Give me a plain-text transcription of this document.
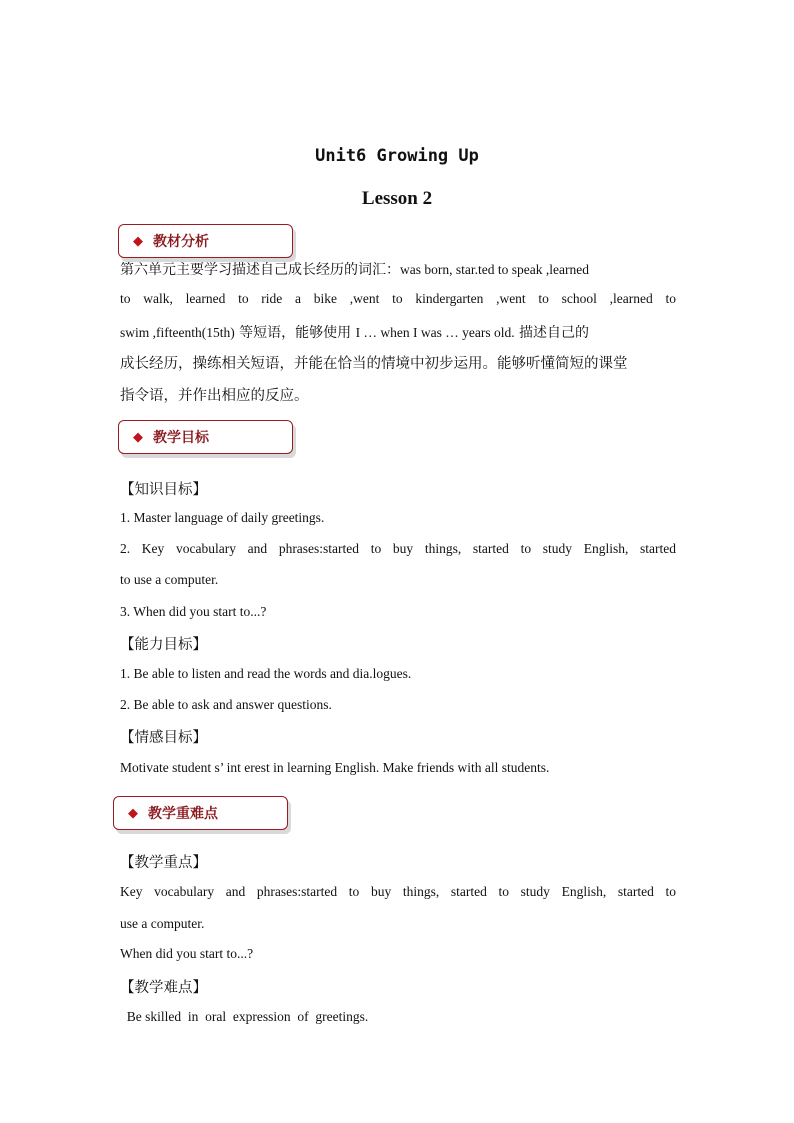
Unit6 Growing Up
Lesson 2
◆ 教材分析

第六单元主要学习描述自己成长经历的词汇：was born, star.ted to speak ,learned

to walk, learned to ride a bike ,went to kindergarten ,went to school ,learned to

swim ,fifteenth(15th) 等短语，能够使用 I … when I was … years old. 描述自己的

成长经历，操练相关短语，并能在恰当的情境中初步运用。能够听懂简短的课堂

指令语，并作出相应的反应。

◆ 教学目标

【知识目标】

1. Master language of daily greetings.

2. Key vocabulary and phrases:started to buy things, started to study English, started

to use a computer.

3. When did you start to...?

【能力目标】

1. Be able to listen and read the words and dia.logues.

2. Be able to ask and answer questions.

【情感目标】

Motivate student s’ int erest in learning English. Make friends with all students.

◆ 教学重难点

【教学重点】

Key vocabulary and phrases:started to buy things, started to study English, started to

use a computer.

When did you start to...?

【教学难点】

Be skilled  in  oral  expression  of  greetings.
